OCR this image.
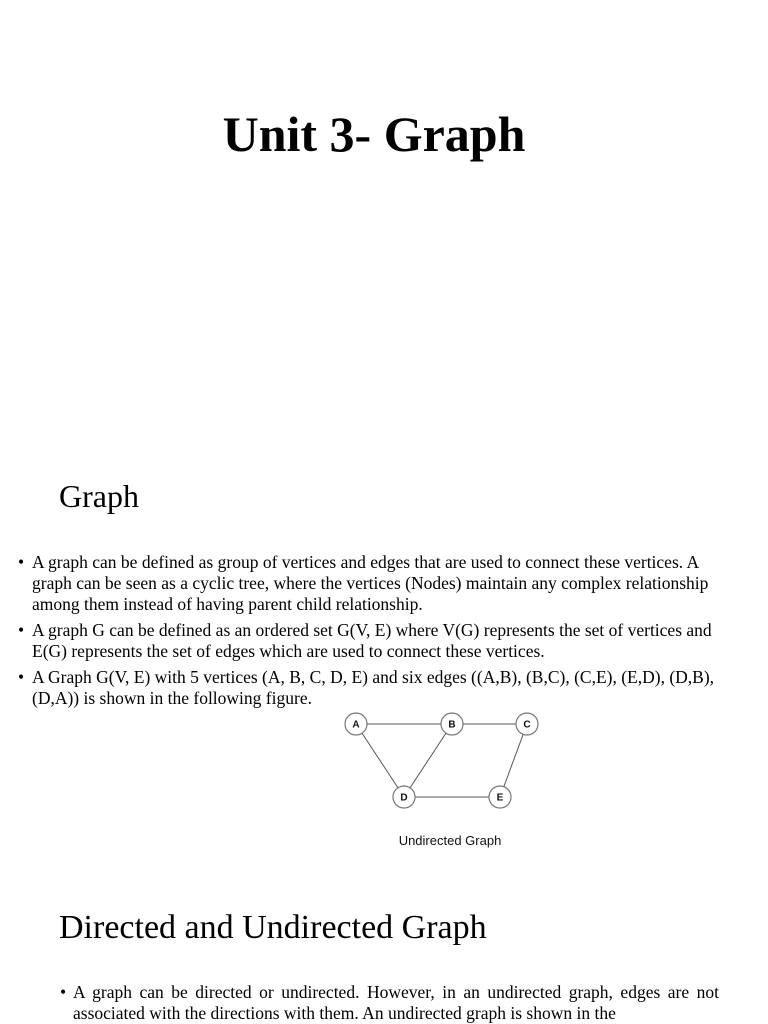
Unit 3- Graph
Graph
• A graph can be defined as group of vertices and edges that are used to connect these vertices. A graph can be seen as a cyclic tree, where the vertices (Nodes) maintain any complex relationship among them instead of having parent child relationship.
• A graph G can be defined as an ordered set G(V, E) where V(G) represents the set of vertices and E(G) represents the set of edges which are used to connect these vertices.
• A Graph G(V, E) with 5 vertices (A, B, C, D, E) and six edges ((A,B), (B,C), (C,E), (E,D), (D,B), (D,A)) is shown in the following figure.
A	B	C
D	E
Undirected Graph
Directed and Undirected Graph
• A graph can be directed or undirected. However, in an undirected graph, edges are not associated with the directions with them. An undirected graph is shown in the
